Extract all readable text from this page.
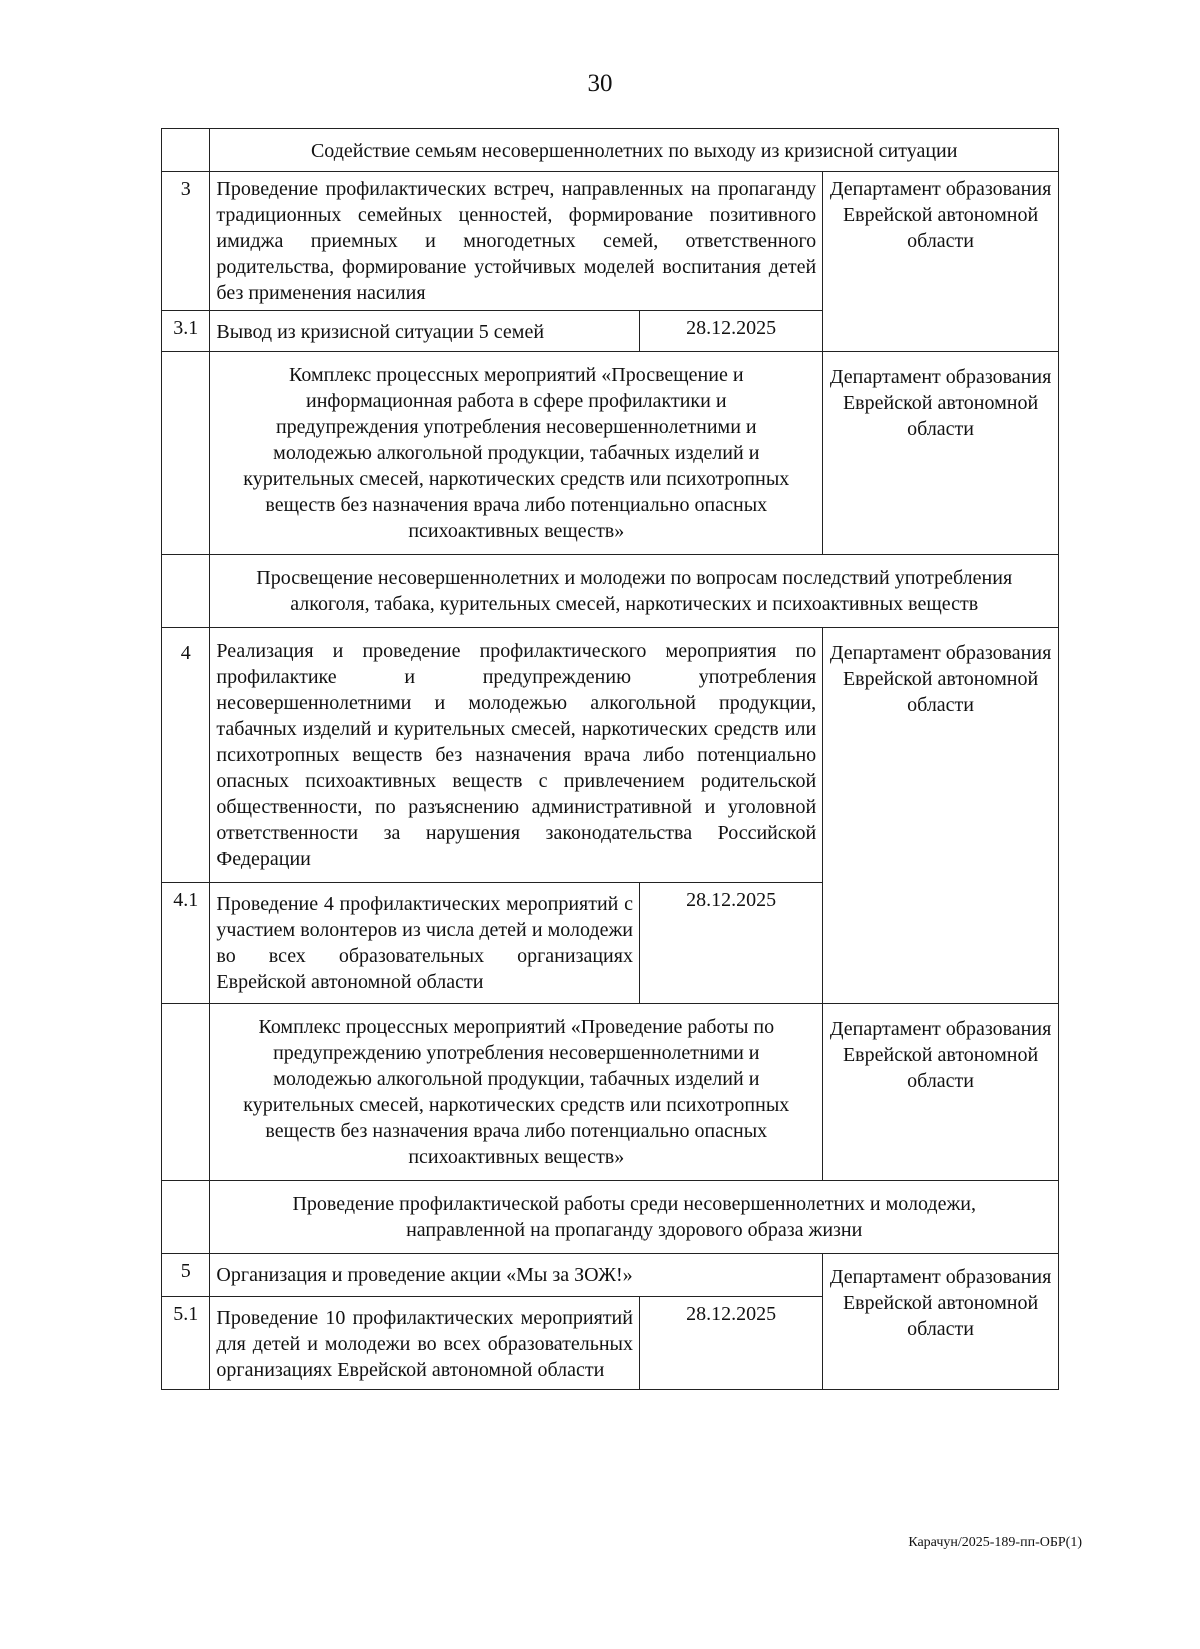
30
	Содействие семьям несовершеннолетних по выходу из кризисной ситуации		
3	Проведение профилактических встреч, направленных на пропаганду традиционных семейных ценностей, формирование позитивного имиджа приемных и многодетных семей, ответственного родительства, формирование устойчивых моделей воспитания детей без применения насилия		Департамент образования Еврейской автономной области
3.1	Вывод из кризисной ситуации 5 семей	28.12.2025	
	Комплекс процессных мероприятий «Просвещение и информационная работа в сфере профилактики и предупреждения употребления несовершеннолетними и молодежью алкогольной продукции, табачных изделий и курительных смесей, наркотических средств или психотропных веществ без назначения врача либо потенциально опасных психоактивных веществ»		Департамент образования Еврейской автономной области
	Просвещение несовершеннолетних и молодежи по вопросам последствий употребления алкоголя, табака, курительных смесей, наркотических и психоактивных веществ		
4	Реализация и проведение профилактического мероприятия по профилактике и предупреждению употребления несовершеннолетними и молодежью алкогольной продукции, табачных изделий и курительных смесей, наркотических средств или психотропных веществ без назначения врача либо потенциально опасных психоактивных веществ с привлечением родительской общественности, по разъяснению административной и уголовной ответственности за нарушения законодательства Российской Федерации		Департамент образования Еврейской автономной области
4.1	Проведение 4 профилактических мероприятий с участием волонтеров из числа детей и молодежи во всех образовательных организациях Еврейской автономной области	28.12.2025	
	Комплекс процессных мероприятий «Проведение работы по предупреждению употребления несовершеннолетними и молодежью алкогольной продукции, табачных изделий и курительных смесей, наркотических средств или психотропных веществ без назначения врача либо потенциально опасных психоактивных веществ»		Департамент образования Еврейской автономной области
	Проведение профилактической работы среди несовершеннолетних и молодежи, направленной на пропаганду здорового образа жизни		
5	Организация и проведение акции «Мы за ЗОЖ!»		Департамент образования Еврейской автономной области
5.1	Проведение 10 профилактических мероприятий для детей и молодежи во всех образовательных организациях Еврейской автономной области	28.12.2025	
Карачун/2025-189-пп-ОБР(1)
